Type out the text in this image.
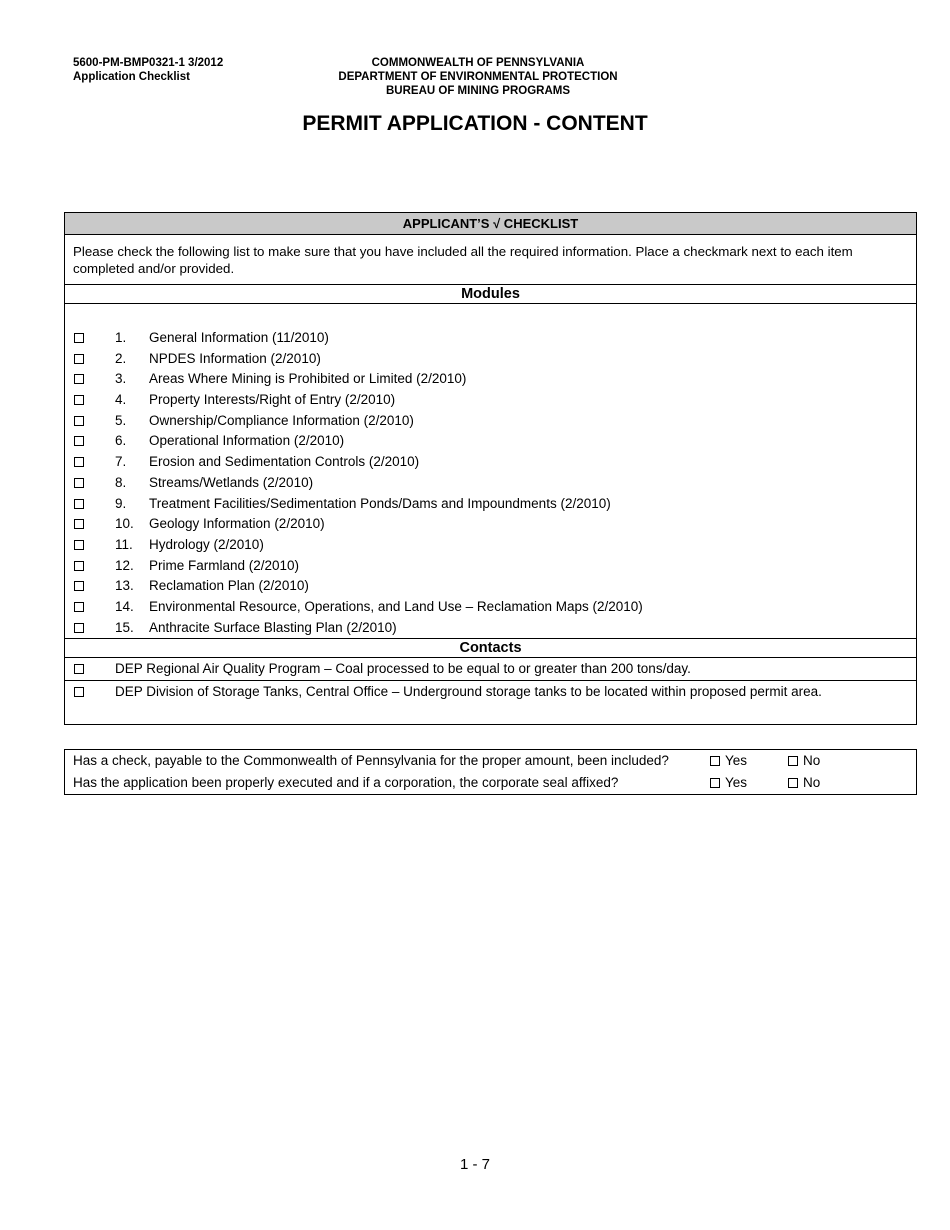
5600-PM-BMP0321-1 3/2012
Application Checklist
COMMONWEALTH OF PENNSYLVANIA
DEPARTMENT OF ENVIRONMENTAL PROTECTION
BUREAU OF MINING PROGRAMS
PERMIT APPLICATION - CONTENT
APPLICANT’S √ CHECKLIST
Please check the following list to make sure that you have included all the required information. Place a checkmark next to each item completed and/or provided.
Modules
1. General Information (11/2010)
2. NPDES Information (2/2010)
3. Areas Where Mining is Prohibited or Limited (2/2010)
4. Property Interests/Right of Entry (2/2010)
5. Ownership/Compliance Information (2/2010)
6. Operational Information (2/2010)
7. Erosion and Sedimentation Controls (2/2010)
8. Streams/Wetlands (2/2010)
9. Treatment Facilities/Sedimentation Ponds/Dams and Impoundments (2/2010)
10. Geology Information (2/2010)
11. Hydrology (2/2010)
12. Prime Farmland (2/2010)
13. Reclamation Plan (2/2010)
14. Environmental Resource, Operations, and Land Use – Reclamation Maps (2/2010)
15. Anthracite Surface Blasting Plan (2/2010)
Contacts
DEP Regional Air Quality Program – Coal processed to be equal to or greater than 200 tons/day.
DEP Division of Storage Tanks, Central Office – Underground storage tanks to be located within proposed permit area.
Has a check, payable to the Commonwealth of Pennsylvania for the proper amount, been included?	Yes	No
Has the application been properly executed and if a corporation, the corporate seal affixed?	Yes	No
1 - 7
